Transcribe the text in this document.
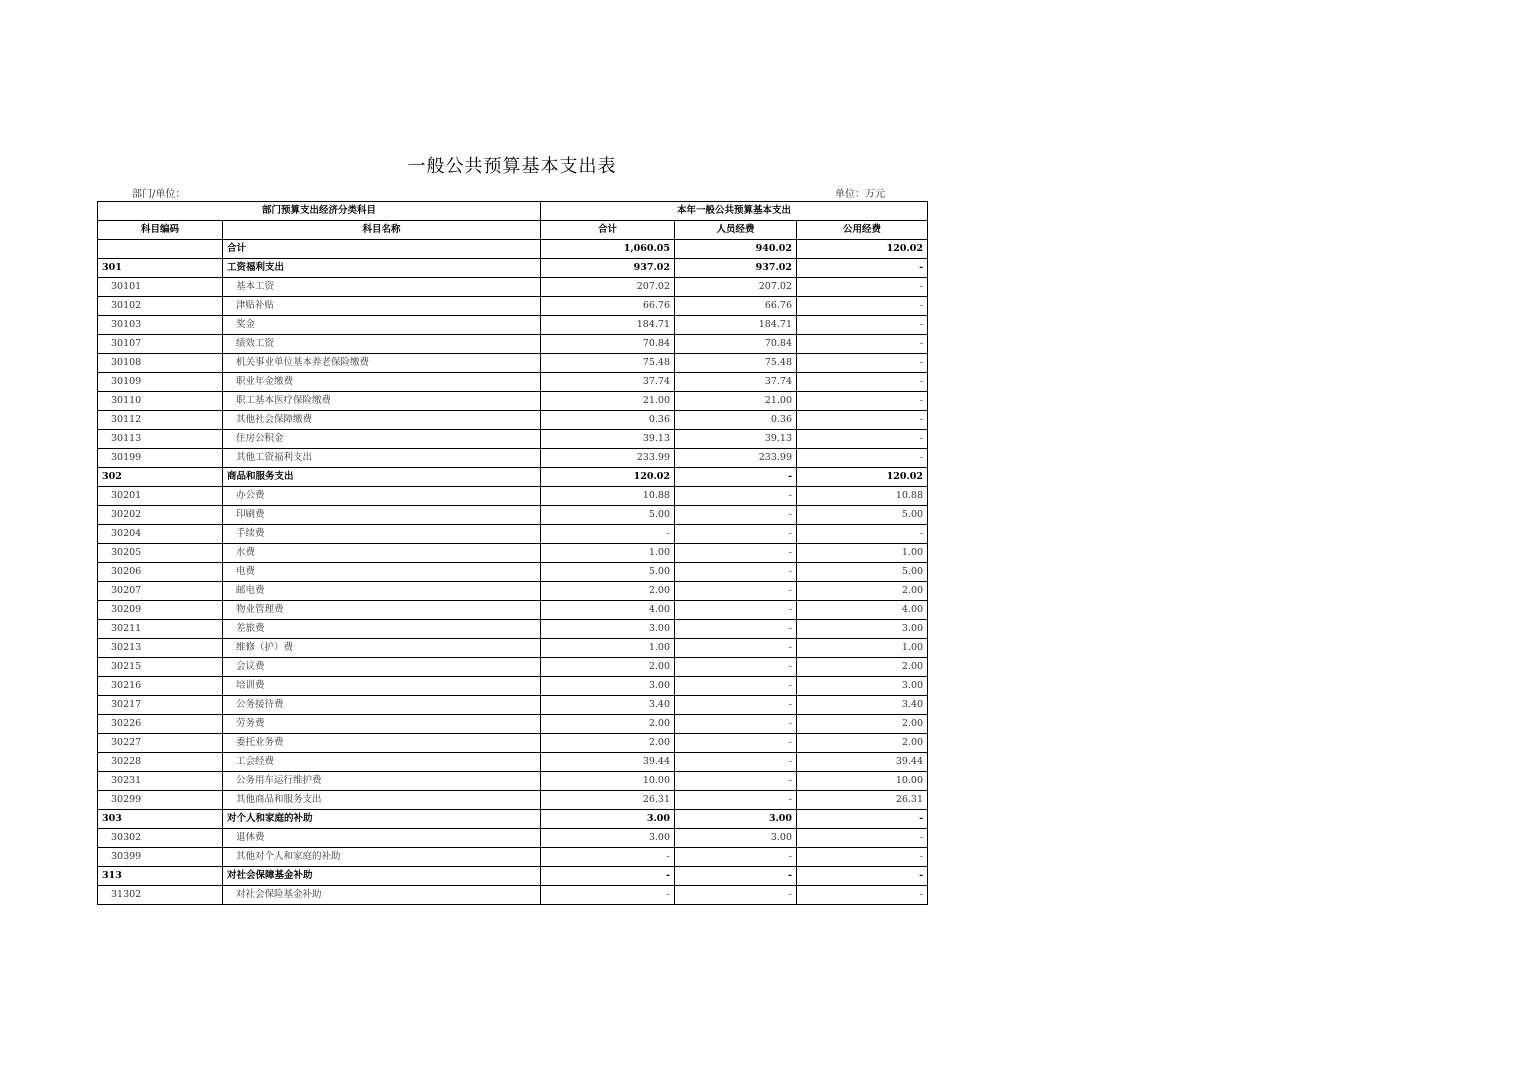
一般公共预算基本支出表
部门/单位：	单位：万元
部门预算支出经济分类科目		本年一般公共预算基本支出		
科目编码	科目名称	合计	人员经费	公用经费
	合计	1,060.05	940.02	120.02
301	工资福利支出	937.02	937.02	-
30101	基本工资	207.02	207.02	-
30102	津贴补贴	66.76	66.76	-
30103	奖金	184.71	184.71	-
30107	绩效工资	70.84	70.84	-
30108	机关事业单位基本养老保险缴费	75.48	75.48	-
30109	职业年金缴费	37.74	37.74	-
30110	职工基本医疗保险缴费	21.00	21.00	-
30112	其他社会保障缴费	0.36	0.36	-
30113	住房公积金	39.13	39.13	-
30199	其他工资福利支出	233.99	233.99	-
302	商品和服务支出	120.02	-	120.02
30201	办公费	10.88	-	10.88
30202	印刷费	5.00	-	5.00
30204	手续费	-	-	-
30205	水费	1.00	-	1.00
30206	电费	5.00	-	5.00
30207	邮电费	2.00	-	2.00
30209	物业管理费	4.00	-	4.00
30211	差旅费	3.00	-	3.00
30213	维修（护）费	1.00	-	1.00
30215	会议费	2.00	-	2.00
30216	培训费	3.00	-	3.00
30217	公务接待费	3.40	-	3.40
30226	劳务费	2.00	-	2.00
30227	委托业务费	2.00	-	2.00
30228	工会经费	39.44	-	39.44
30231	公务用车运行维护费	10.00	-	10.00
30299	其他商品和服务支出	26.31	-	26.31
303	对个人和家庭的补助	3.00	3.00	-
30302	退休费	3.00	3.00	-
30399	其他对个人和家庭的补助	-	-	-
313	对社会保障基金补助	-	-	-
31302	对社会保险基金补助	-	-	-
